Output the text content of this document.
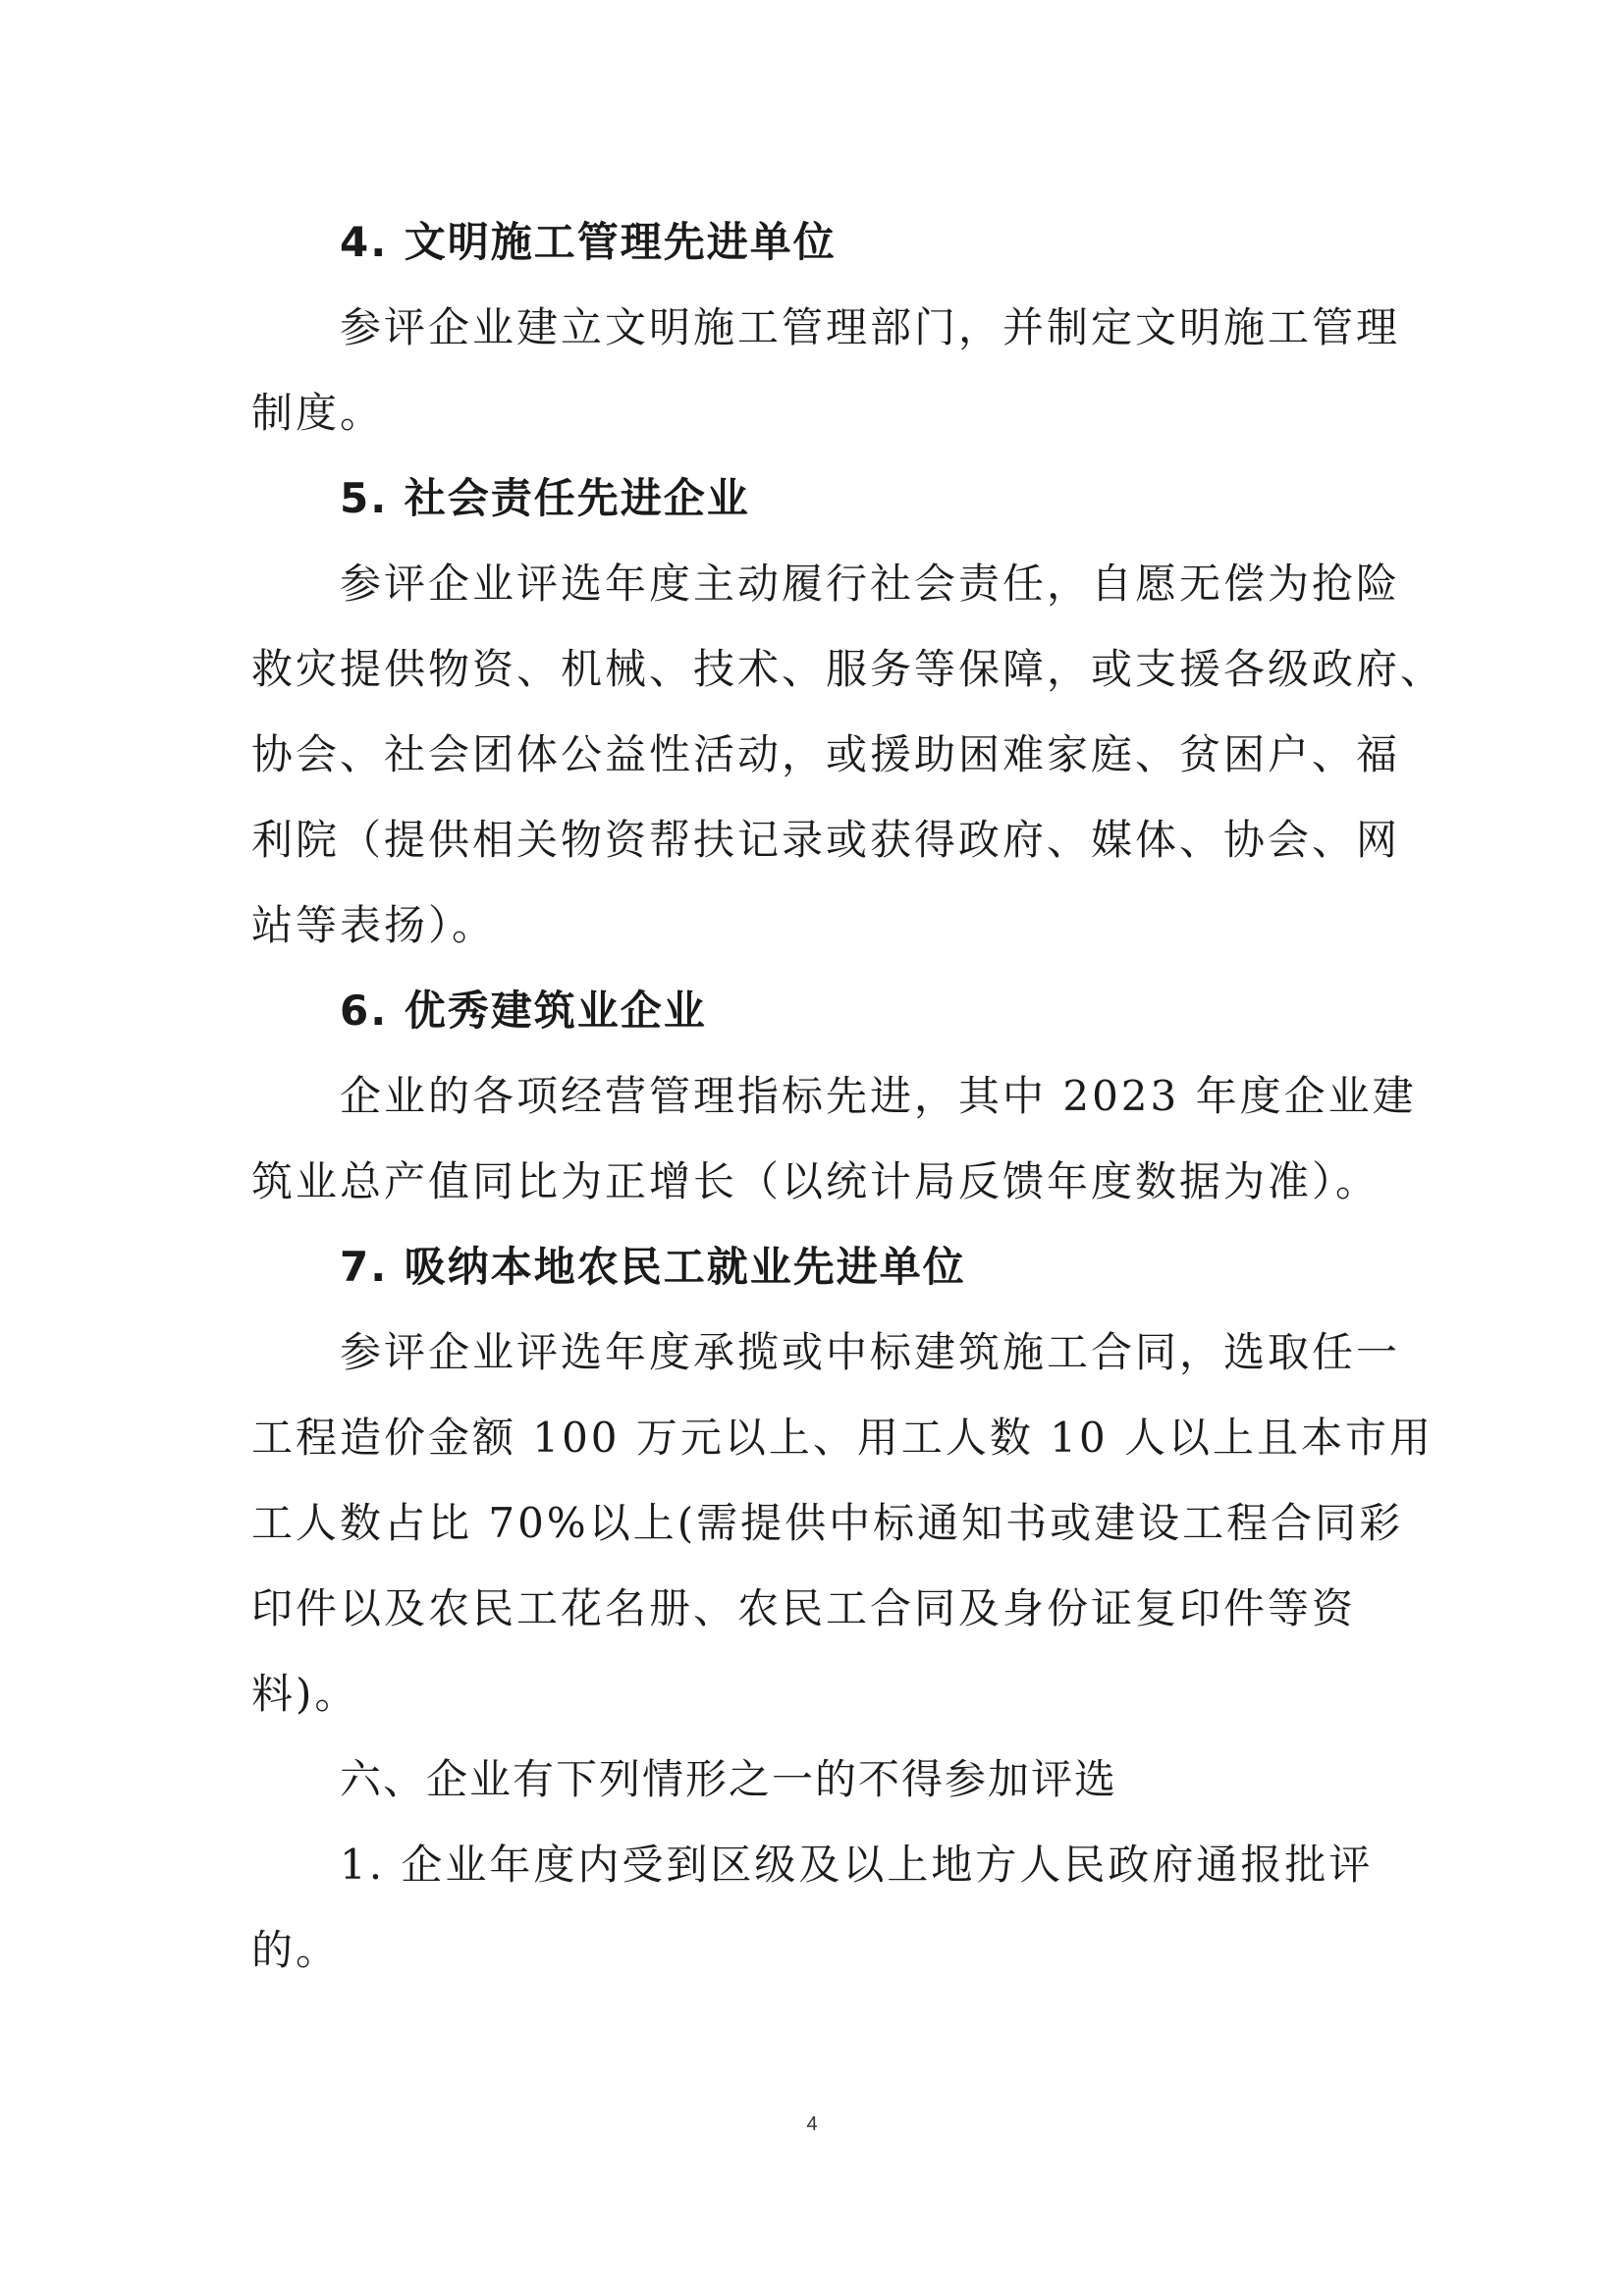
4. 文明施工管理先进单位
参评企业建立文明施工管理部门，并制定文明施工管理
制度。
5. 社会责任先进企业
参评企业评选年度主动履行社会责任，自愿无偿为抢险
救灾提供物资、机械、技术、服务等保障，或支援各级政府、
协会、社会团体公益性活动，或援助困难家庭、贫困户、福
利院（提供相关物资帮扶记录或获得政府、媒体、协会、网
站等表扬）。
6. 优秀建筑业企业
企业的各项经营管理指标先进，其中 2023 年度企业建
筑业总产值同比为正增长（以统计局反馈年度数据为准）。
7. 吸纳本地农民工就业先进单位
参评企业评选年度承揽或中标建筑施工合同，选取任一
工程造价金额 100 万元以上、用工人数 10 人以上且本市用
工人数占比 70%以上(需提供中标通知书或建设工程合同彩
印件以及农民工花名册、农民工合同及身份证复印件等资
料)。
六、企业有下列情形之一的不得参加评选
1. 企业年度内受到区级及以上地方人民政府通报批评
的。
4
